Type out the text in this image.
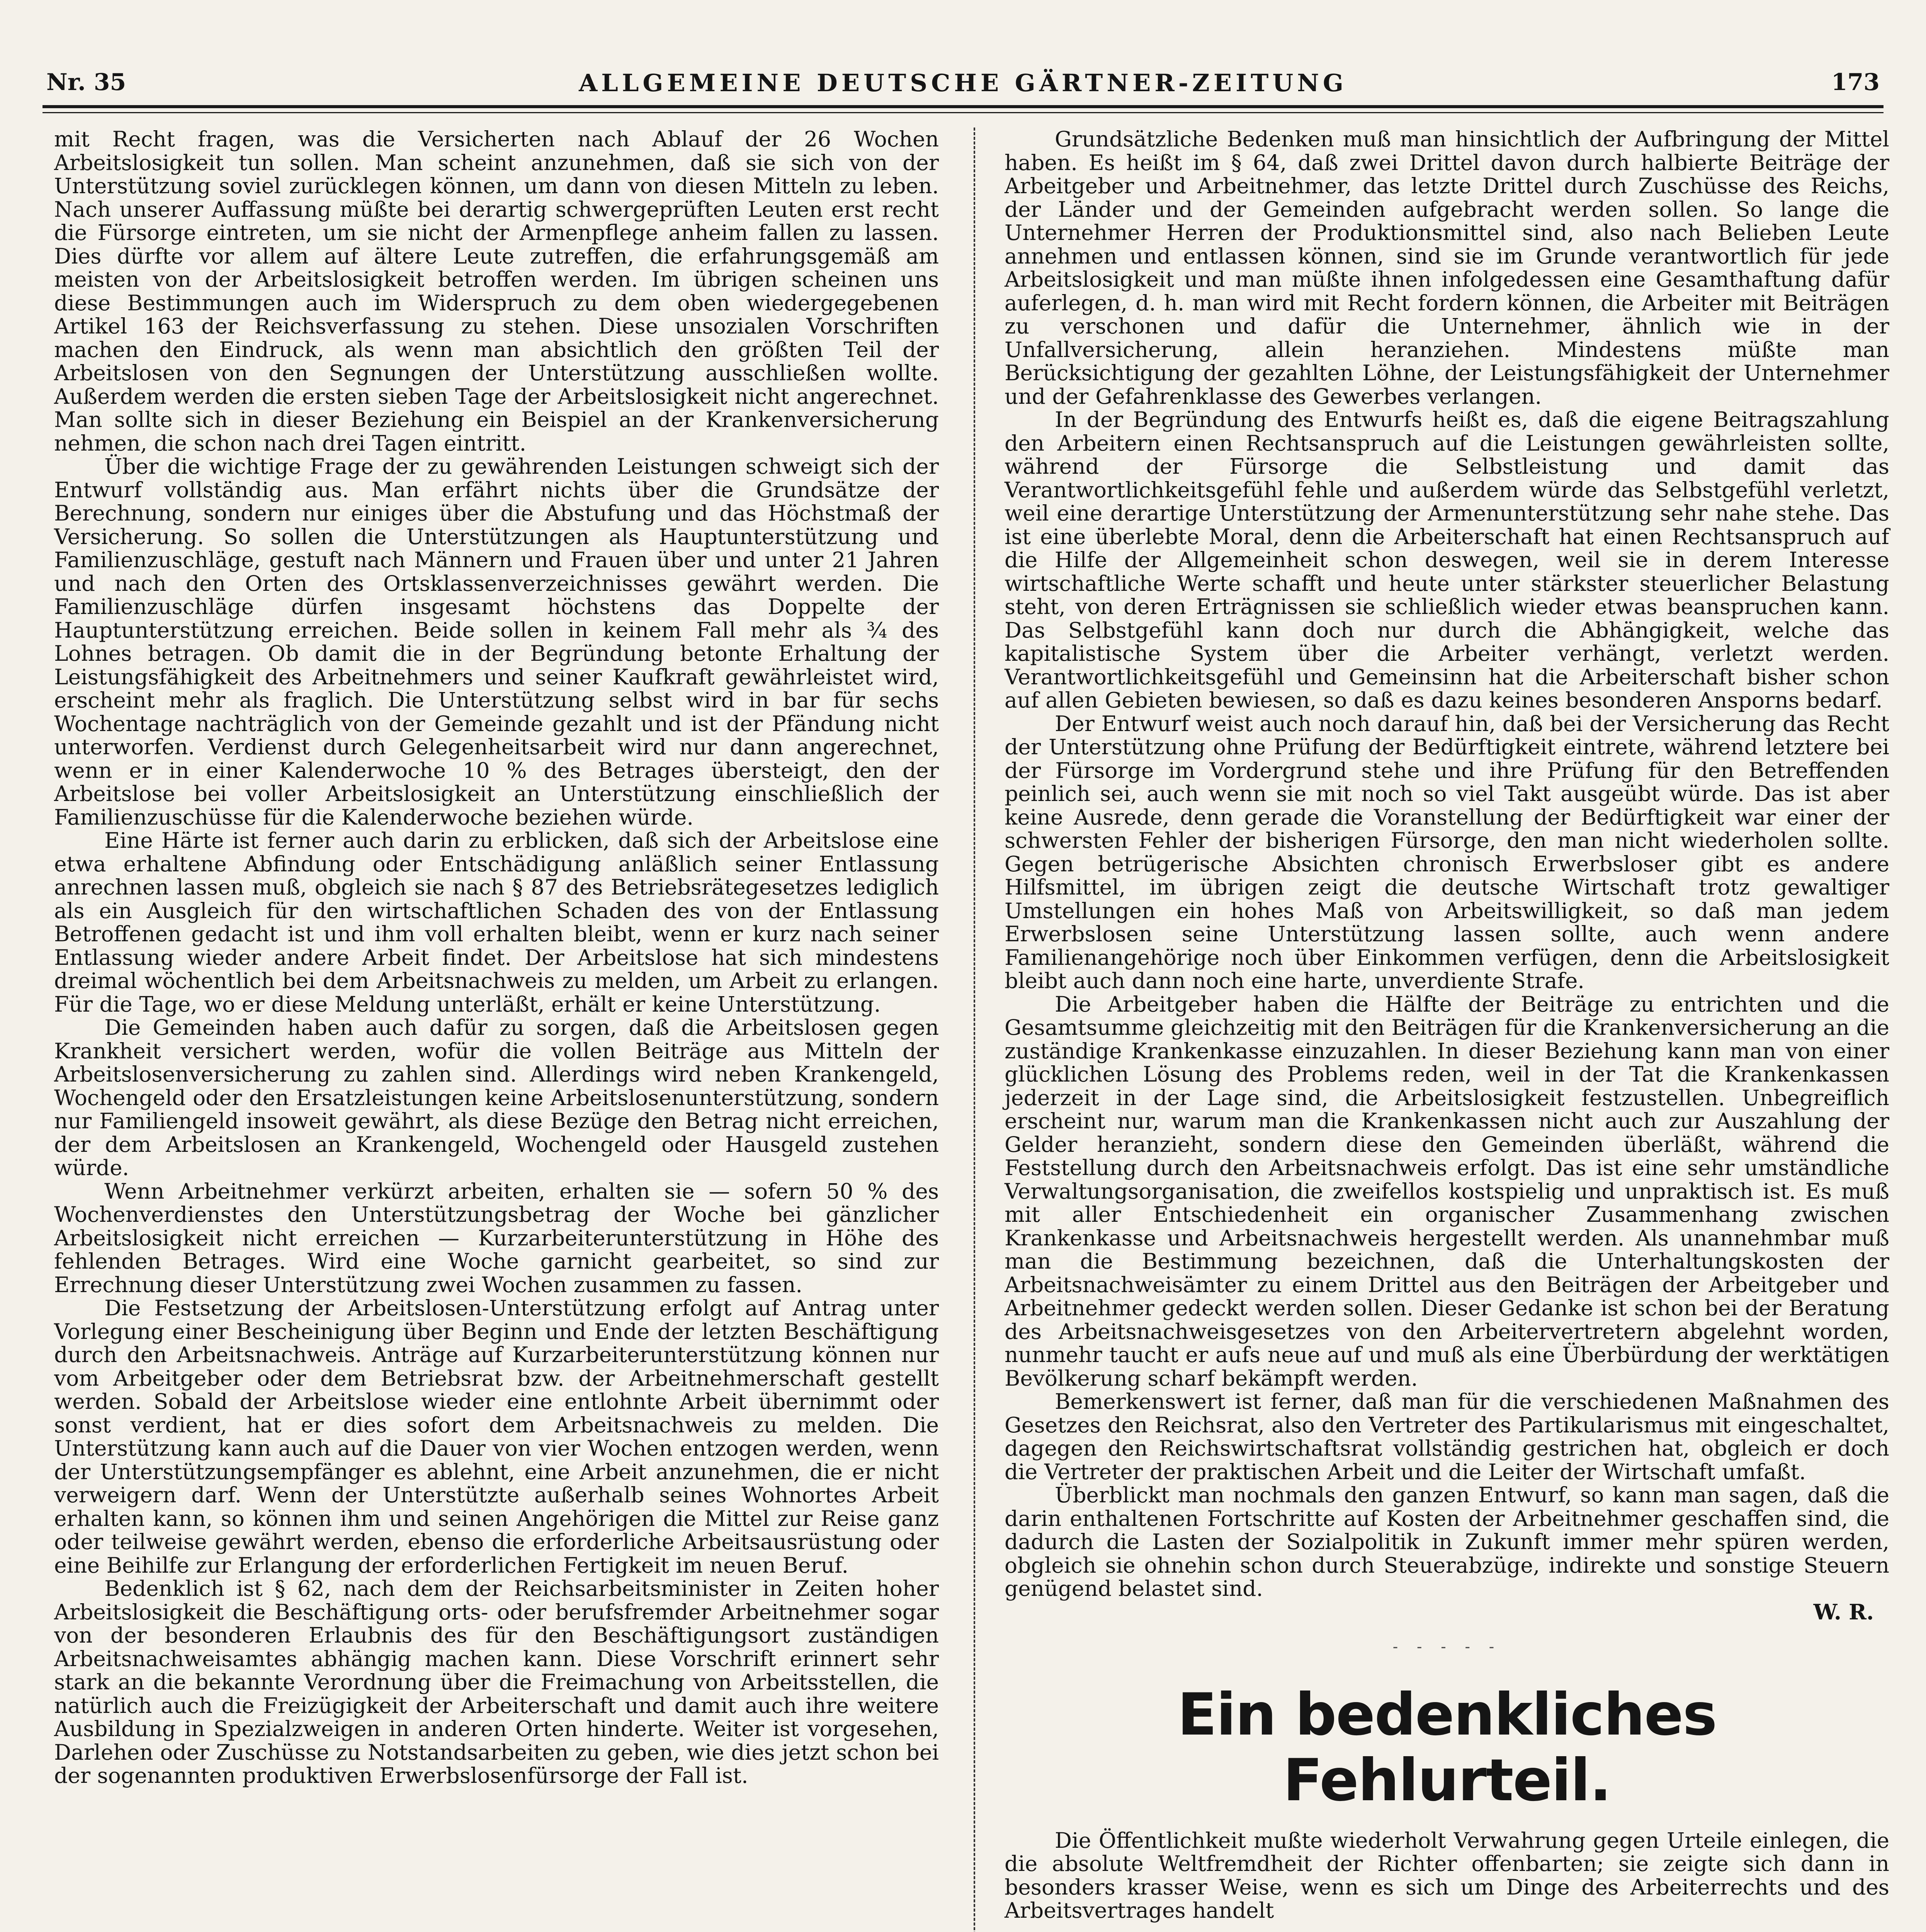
Nr. 35	ALLGEMEINE DEUTSCHE GÄRTNER-ZEITUNG	173

mit Recht fragen, was die Versicherten nach Ablauf der 26 Wochen Arbeitslosigkeit tun sollen. Man scheint anzunehmen, daß sie sich von der Unterstützung soviel zurücklegen können, um dann von diesen Mitteln zu leben. Nach unserer Auffassung müßte bei derartig schwergeprüften Leuten erst recht die Fürsorge eintreten, um sie nicht der Armenpflege anheim fallen zu lassen. Dies dürfte vor allem auf ältere Leute zutreffen, die erfahrungsgemäß am meisten von der Arbeitslosigkeit betroffen werden. Im übrigen scheinen uns diese Bestimmungen auch im Widerspruch zu dem oben wiedergegebenen Artikel 163 der Reichsverfassung zu stehen. Diese unsozialen Vorschriften machen den Eindruck, als wenn man absichtlich den größten Teil der Arbeitslosen von den Segnungen der Unterstützung ausschließen wollte. Außerdem werden die ersten sieben Tage der Arbeitslosigkeit nicht angerechnet. Man sollte sich in dieser Beziehung ein Beispiel an der Krankenversicherung nehmen, die schon nach drei Tagen eintritt.

Über die wichtige Frage der zu gewährenden Leistungen schweigt sich der Entwurf vollständig aus. Man erfährt nichts über die Grundsätze der Berechnung, sondern nur einiges über die Abstufung und das Höchstmaß der Versicherung. So sollen die Unterstützungen als Hauptunterstützung und Familienzuschläge, gestuft nach Männern und Frauen über und unter 21 Jahren und nach den Orten des Ortsklassenverzeichnisses gewährt werden. Die Familienzuschläge dürfen insgesamt höchstens das Doppelte der Hauptunterstützung erreichen. Beide sollen in keinem Fall mehr als ¾ des Lohnes betragen. Ob damit die in der Begründung betonte Erhaltung der Leistungsfähigkeit des Arbeitnehmers und seiner Kaufkraft gewährleistet wird, erscheint mehr als fraglich. Die Unterstützung selbst wird in bar für sechs Wochentage nachträglich von der Gemeinde gezahlt und ist der Pfändung nicht unterworfen. Verdienst durch Gelegenheitsarbeit wird nur dann angerechnet, wenn er in einer Kalenderwoche 10 % des Betrages übersteigt, den der Arbeitslose bei voller Arbeitslosigkeit an Unterstützung einschließlich der Familienzuschüsse für die Kalenderwoche beziehen würde.

Eine Härte ist ferner auch darin zu erblicken, daß sich der Arbeitslose eine etwa erhaltene Abfindung oder Entschädigung anläßlich seiner Entlassung anrechnen lassen muß, obgleich sie nach § 87 des Betriebsrätegesetzes lediglich als ein Ausgleich für den wirtschaftlichen Schaden des von der Entlassung Betroffenen gedacht ist und ihm voll erhalten bleibt, wenn er kurz nach seiner Entlassung wieder andere Arbeit findet. Der Arbeitslose hat sich mindestens dreimal wöchentlich bei dem Arbeitsnachweis zu melden, um Arbeit zu erlangen. Für die Tage, wo er diese Meldung unterläßt, erhält er keine Unterstützung.

Die Gemeinden haben auch dafür zu sorgen, daß die Arbeitslosen gegen Krankheit versichert werden, wofür die vollen Beiträge aus Mitteln der Arbeitslosenversicherung zu zahlen sind. Allerdings wird neben Krankengeld, Wochengeld oder den Ersatzleistungen keine Arbeitslosenunterstützung, sondern nur Familiengeld insoweit gewährt, als diese Bezüge den Betrag nicht erreichen, der dem Arbeitslosen an Krankengeld, Wochengeld oder Hausgeld zustehen würde.

Wenn Arbeitnehmer verkürzt arbeiten, erhalten sie — sofern 50 % des Wochenverdienstes den Unterstützungsbetrag der Woche bei gänzlicher Arbeitslosigkeit nicht erreichen — Kurzarbeiterunterstützung in Höhe des fehlenden Betrages. Wird eine Woche garnicht gearbeitet, so sind zur Errechnung dieser Unterstützung zwei Wochen zusammen zu fassen.

Die Festsetzung der Arbeitslosen-Unterstützung erfolgt auf Antrag unter Vorlegung einer Bescheinigung über Beginn und Ende der letzten Beschäftigung durch den Arbeitsnachweis. Anträge auf Kurzarbeiterunterstützung können nur vom Arbeitgeber oder dem Betriebsrat bzw. der Arbeitnehmerschaft gestellt werden. Sobald der Arbeitslose wieder eine entlohnte Arbeit übernimmt oder sonst verdient, hat er dies sofort dem Arbeitsnachweis zu melden. Die Unterstützung kann auch auf die Dauer von vier Wochen entzogen werden, wenn der Unterstützungsempfänger es ablehnt, eine Arbeit anzunehmen, die er nicht verweigern darf. Wenn der Unterstützte außerhalb seines Wohnortes Arbeit erhalten kann, so können ihm und seinen Angehörigen die Mittel zur Reise ganz oder teilweise gewährt werden, ebenso die erforderliche Arbeitsausrüstung oder eine Beihilfe zur Erlangung der erforderlichen Fertigkeit im neuen Beruf.

Bedenklich ist § 62, nach dem der Reichsarbeitsminister in Zeiten hoher Arbeitslosigkeit die Beschäftigung orts- oder berufsfremder Arbeitnehmer sogar von der besonderen Erlaubnis des für den Beschäftigungsort zuständigen Arbeitsnachweisamtes abhängig machen kann. Diese Vorschrift erinnert sehr stark an die bekannte Verordnung über die Freimachung von Arbeitsstellen, die natürlich auch die Freizügigkeit der Arbeiterschaft und damit auch ihre weitere Ausbildung in Spezialzweigen in anderen Orten hinderte. Weiter ist vorgesehen, Darlehen oder Zuschüsse zu Notstandsarbeiten zu geben, wie dies jetzt schon bei der sogenannten produktiven Erwerbslosenfürsorge der Fall ist.

Grundsätzliche Bedenken muß man hinsichtlich der Aufbringung der Mittel haben. Es heißt im § 64, daß zwei Drittel davon durch halbierte Beiträge der Arbeitgeber und Arbeitnehmer, das letzte Drittel durch Zuschüsse des Reichs, der Länder und der Gemeinden aufgebracht werden sollen. So lange die Unternehmer Herren der Produktionsmittel sind, also nach Belieben Leute annehmen und entlassen können, sind sie im Grunde verantwortlich für jede Arbeitslosigkeit und man müßte ihnen infolgedessen eine Gesamthaftung dafür auferlegen, d. h. man wird mit Recht fordern können, die Arbeiter mit Beiträgen zu verschonen und dafür die Unternehmer, ähnlich wie in der Unfallversicherung, allein heranziehen. Mindestens müßte man Berücksichtigung der gezahlten Löhne, der Leistungsfähigkeit der Unternehmer und der Gefahrenklasse des Gewerbes verlangen.

In der Begründung des Entwurfs heißt es, daß die eigene Beitragszahlung den Arbeitern einen Rechtsanspruch auf die Leistungen gewährleisten sollte, während der Fürsorge die Selbstleistung und damit das Verantwortlichkeitsgefühl fehle und außerdem würde das Selbstgefühl verletzt, weil eine derartige Unterstützung der Armenunterstützung sehr nahe stehe. Das ist eine überlebte Moral, denn die Arbeiterschaft hat einen Rechtsanspruch auf die Hilfe der Allgemeinheit schon deswegen, weil sie in derem Interesse wirtschaftliche Werte schafft und heute unter stärkster steuerlicher Belastung steht, von deren Erträgnissen sie schließlich wieder etwas beanspruchen kann. Das Selbstgefühl kann doch nur durch die Abhängigkeit, welche das kapitalistische System über die Arbeiter verhängt, verletzt werden. Verantwortlichkeitsgefühl und Gemeinsinn hat die Arbeiterschaft bisher schon auf allen Gebieten bewiesen, so daß es dazu keines besonderen Ansporns bedarf.

Der Entwurf weist auch noch darauf hin, daß bei der Versicherung das Recht der Unterstützung ohne Prüfung der Bedürftigkeit eintrete, während letztere bei der Fürsorge im Vordergrund stehe und ihre Prüfung für den Betreffenden peinlich sei, auch wenn sie mit noch so viel Takt ausgeübt würde. Das ist aber keine Ausrede, denn gerade die Voranstellung der Bedürftigkeit war einer der schwersten Fehler der bisherigen Fürsorge, den man nicht wiederholen sollte. Gegen betrügerische Absichten chronisch Erwerbsloser gibt es andere Hilfsmittel, im übrigen zeigt die deutsche Wirtschaft trotz gewaltiger Umstellungen ein hohes Maß von Arbeitswilligkeit, so daß man jedem Erwerbslosen seine Unterstützung lassen sollte, auch wenn andere Familienangehörige noch über Einkommen verfügen, denn die Arbeitslosigkeit bleibt auch dann noch eine harte, unverdiente Strafe.

Die Arbeitgeber haben die Hälfte der Beiträge zu entrichten und die Gesamtsumme gleichzeitig mit den Beiträgen für die Krankenversicherung an die zuständige Krankenkasse einzuzahlen. In dieser Beziehung kann man von einer glücklichen Lösung des Problems reden, weil in der Tat die Krankenkassen jederzeit in der Lage sind, die Arbeitslosigkeit festzustellen. Unbegreiflich erscheint nur, warum man die Krankenkassen nicht auch zur Auszahlung der Gelder heranzieht, sondern diese den Gemeinden überläßt, während die Feststellung durch den Arbeitsnachweis erfolgt. Das ist eine sehr umständliche Verwaltungsorganisation, die zweifellos kostspielig und unpraktisch ist. Es muß mit aller Entschiedenheit ein organischer Zusammenhang zwischen Krankenkasse und Arbeitsnachweis hergestellt werden. Als unannehmbar muß man die Bestimmung bezeichnen, daß die Unterhaltungskosten der Arbeitsnachweisämter zu einem Drittel aus den Beiträgen der Arbeitgeber und Arbeitnehmer gedeckt werden sollen. Dieser Gedanke ist schon bei der Beratung des Arbeitsnachweisgesetzes von den Arbeitervertretern abgelehnt worden, nunmehr taucht er aufs neue auf und muß als eine Überbürdung der werktätigen Bevölkerung scharf bekämpft werden.

Bemerkenswert ist ferner, daß man für die verschiedenen Maßnahmen des Gesetzes den Reichsrat, also den Vertreter des Partikularismus mit eingeschaltet, dagegen den Reichswirtschaftsrat vollständig gestrichen hat, obgleich er doch die Vertreter der praktischen Arbeit und die Leiter der Wirtschaft umfaßt.

Überblickt man nochmals den ganzen Entwurf, so kann man sagen, daß die darin enthaltenen Fortschritte auf Kosten der Arbeitnehmer geschaffen sind, die dadurch die Lasten der Sozialpolitik in Zukunft immer mehr spüren werden, obgleich sie ohnehin schon durch Steuerabzüge, indirekte und sonstige Steuern genügend belastet sind.

W. R.
- - - - -
Ein bedenkliches Fehlurteil.

Die Öffentlichkeit mußte wiederholt Verwahrung gegen Urteile einlegen, die die absolute Weltfremdheit der Richter offenbarten; sie zeigte sich dann in besonders krasser Weise, wenn es sich um Dinge des Arbeiterrechts und des Arbeitsvertrages handelt
